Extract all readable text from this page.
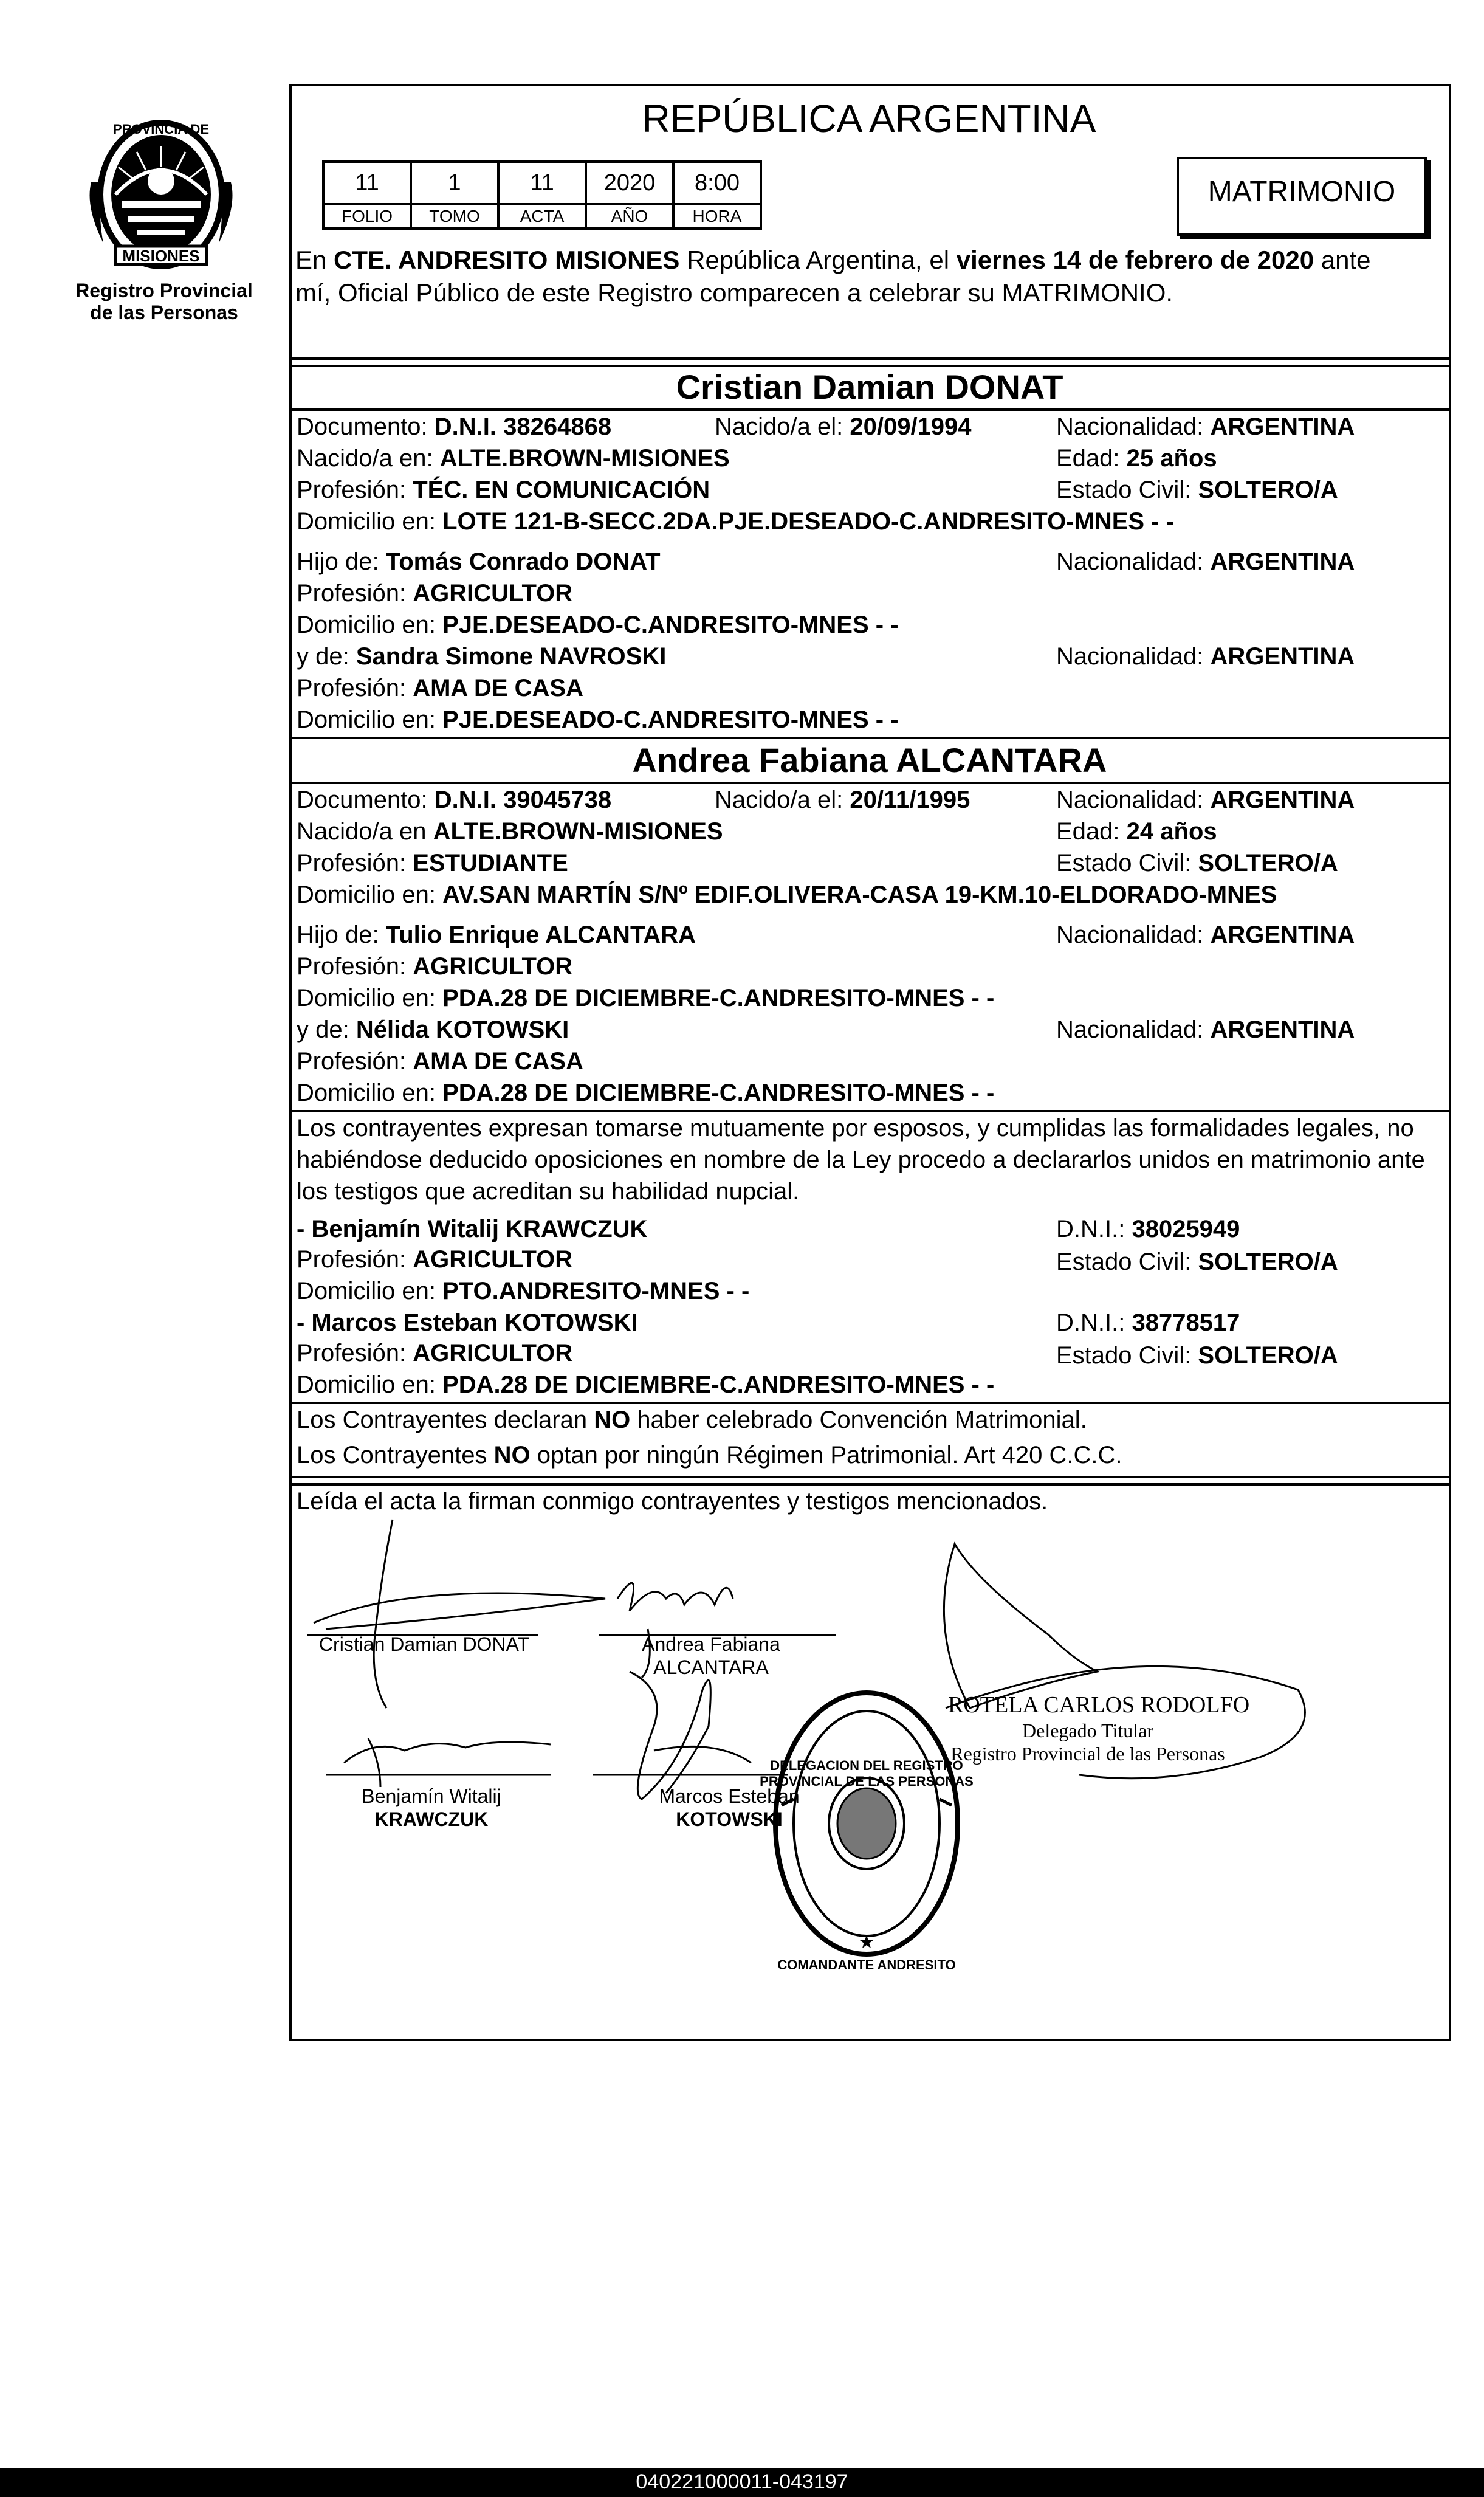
MISIONES
PROVINCIA DE
Registro Provincial
de las Personas
REPÚBLICA ARGENTINA
11	1	11	2020	8:00
FOLIO	TOMO	ACTA	AÑO	HORA
MATRIMONIO
En CTE. ANDRESITO MISIONES República Argentina, el viernes 14 de febrero de 2020 ante
mí, Oficial Público de este Registro comparecen a celebrar su MATRIMONIO.
Cristian Damian DONAT
Documento: D.N.I. 38264868	Nacido/a el: 20/09/1994	Nacionalidad: ARGENTINA
Nacido/a en: ALTE.BROWN-MISIONES	Edad: 25 años
Profesión: TÉC. EN COMUNICACIÓN	Estado Civil: SOLTERO/A
Domicilio en: LOTE 121-B-SECC.2DA.PJE.DESEADO-C.ANDRESITO-MNES - -
Hijo de: Tomás Conrado DONAT	Nacionalidad: ARGENTINA
Profesión: AGRICULTOR
Domicilio en: PJE.DESEADO-C.ANDRESITO-MNES - -
y de: Sandra Simone NAVROSKI	Nacionalidad: ARGENTINA
Profesión: AMA DE CASA
Domicilio en: PJE.DESEADO-C.ANDRESITO-MNES - -
Andrea Fabiana ALCANTARA
Documento: D.N.I. 39045738	Nacido/a el: 20/11/1995	Nacionalidad: ARGENTINA
Nacido/a en ALTE.BROWN-MISIONES	Edad: 24 años
Profesión: ESTUDIANTE	Estado Civil: SOLTERO/A
Domicilio en: AV.SAN MARTÍN S/Nº EDIF.OLIVERA-CASA 19-KM.10-ELDORADO-MNES
Hijo de: Tulio Enrique ALCANTARA	Nacionalidad: ARGENTINA
Profesión: AGRICULTOR
Domicilio en: PDA.28 DE DICIEMBRE-C.ANDRESITO-MNES - -
y de: Nélida KOTOWSKI	Nacionalidad: ARGENTINA
Profesión: AMA DE CASA
Domicilio en: PDA.28 DE DICIEMBRE-C.ANDRESITO-MNES - -
Los contrayentes expresan tomarse mutuamente por esposos, y cumplidas las formalidades legales, no
habiéndose deducido oposiciones en nombre de la Ley procedo a declararlos unidos en matrimonio ante
los testigos que acreditan su habilidad nupcial.
- Benjamín Witalij KRAWCZUK	D.N.I.: 38025949
Profesión: AGRICULTOR	Estado Civil: SOLTERO/A
Domicilio en: PTO.ANDRESITO-MNES - -
- Marcos Esteban KOTOWSKI	D.N.I.: 38778517
Profesión: AGRICULTOR	Estado Civil: SOLTERO/A
Domicilio en: PDA.28 DE DICIEMBRE-C.ANDRESITO-MNES - -
Los Contrayentes declaran NO haber celebrado Convención Matrimonial.
Los Contrayentes NO optan por ningún Régimen Patrimonial. Art 420 C.C.C.
Leída el acta la firman conmigo contrayentes y testigos mencionados.
★
Cristian Damian DONAT	Andrea Fabiana
ALCANTARA
Benjamín Witalij
KRAWCZUK
Marcos Esteban
KOTOWSKI
ROTELA CARLOS RODOLFO
Delegado Titular
Registro Provincial de las Personas
DELEGACION DEL REGISTRO PROVINCIAL DE LAS PERSONAS
COMANDANTE ANDRESITO
040221000011-043197
